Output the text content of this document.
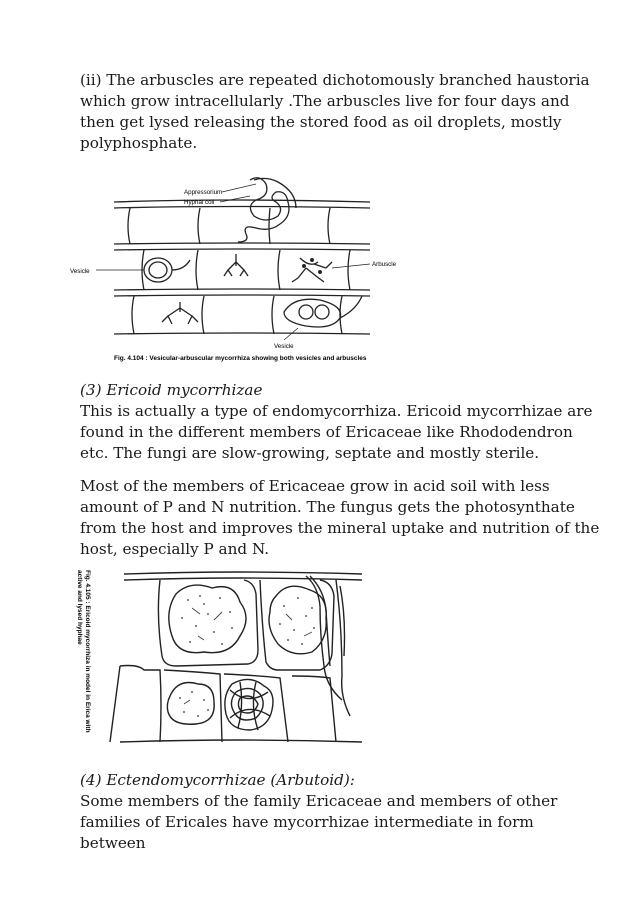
(ii) The arbuscles are repeated dichotomously branched haustoria which grow intracellularly .The arbuscles live for four days and then get lysed releasing the stored food as oil droplets, mostly polyphosphate.

Appressorium
Hyphal coil
Arbuscle
Vesicle
Vesicle
Fig. 4.104 : Vesicular-arbuscular mycorrhiza showing both vesicles and arbuscles

(3) Ericoid mycorrhizae

This is actually a type of endomycorrhiza. Ericoid mycorrhizae are found in the different members of Ericaceae like Rhododendron etc. The fungi are slow-growing, septate and mostly sterile.

Most of the members of Ericaceae grow in acid soil with less amount of P and N nutrition. The fungus gets the photosynthate from the host and improves the mineral uptake and nutrition of the host, especially P and N.

Fig. 4.105 : Ericoid mycorrhiza in model in Erica with
active and lysed hyphae

(4) Ectendomycorrhizae (Arbutoid):

Some members of the family Ericaceae and members of other families of Ericales have mycorrhizae intermediate in form between
